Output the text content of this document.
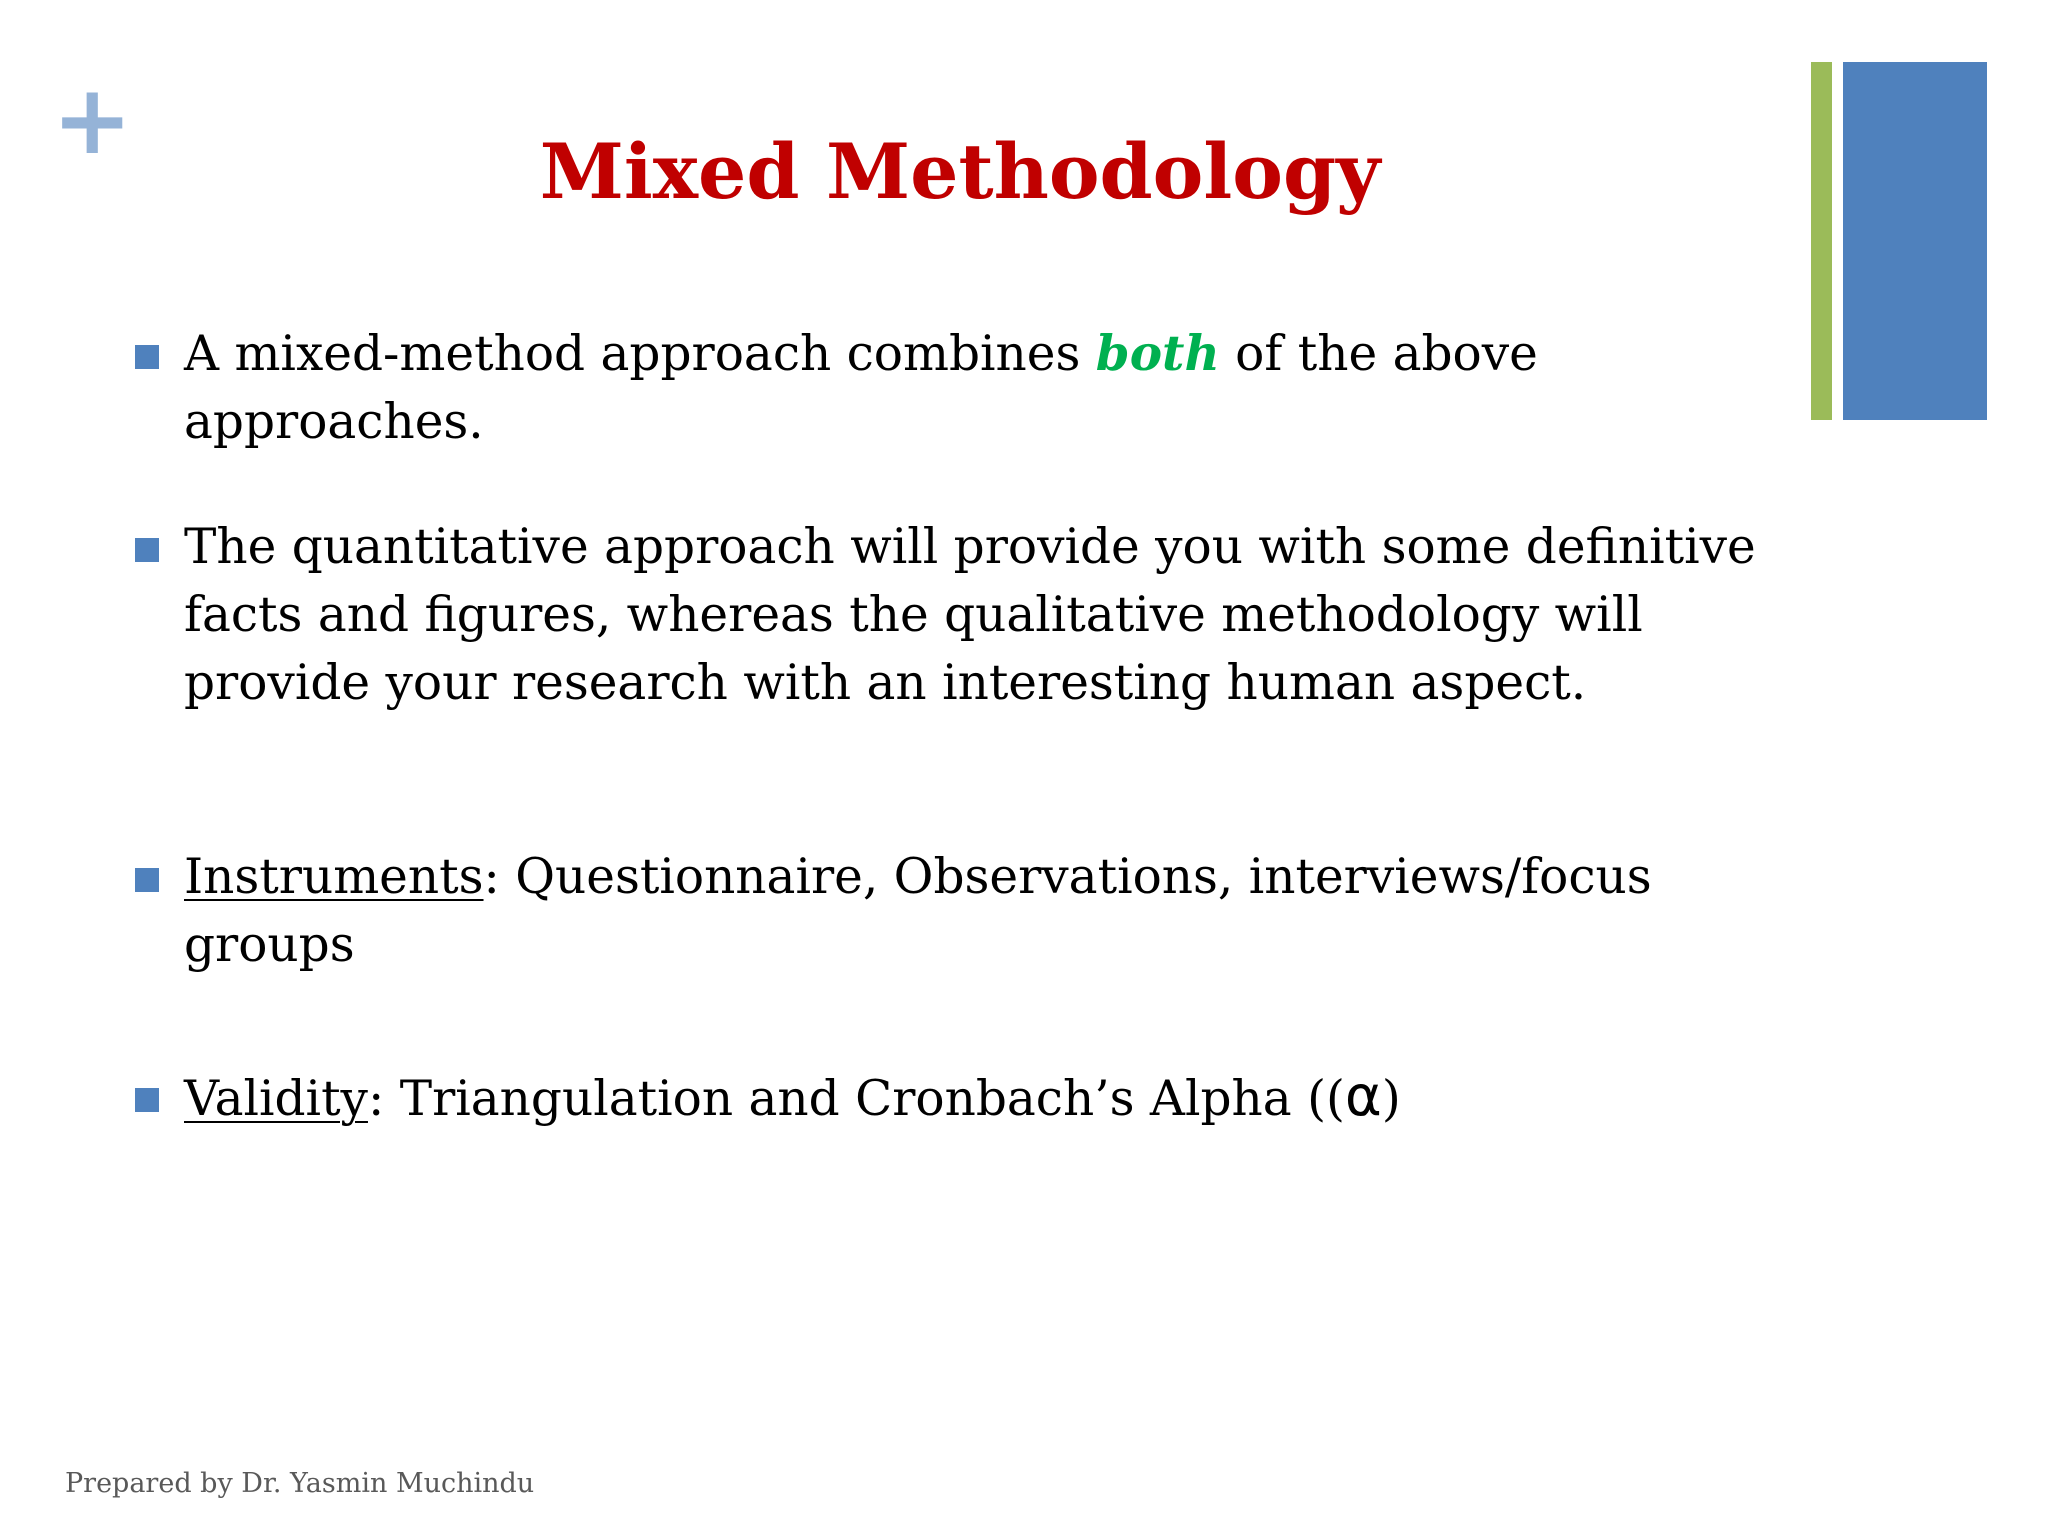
+	Mixed Methodology
A mixed-method approach combines both of the above approaches.
The quantitative approach will provide you with some definitive facts and figures, whereas the qualitative methodology will provide your research with an interesting human aspect.
Instruments: Questionnaire, Observations, interviews/focus groups
Validity: Triangulation and Cronbach’s Alpha ((α)
Prepared by Dr. Yasmin Muchindu
